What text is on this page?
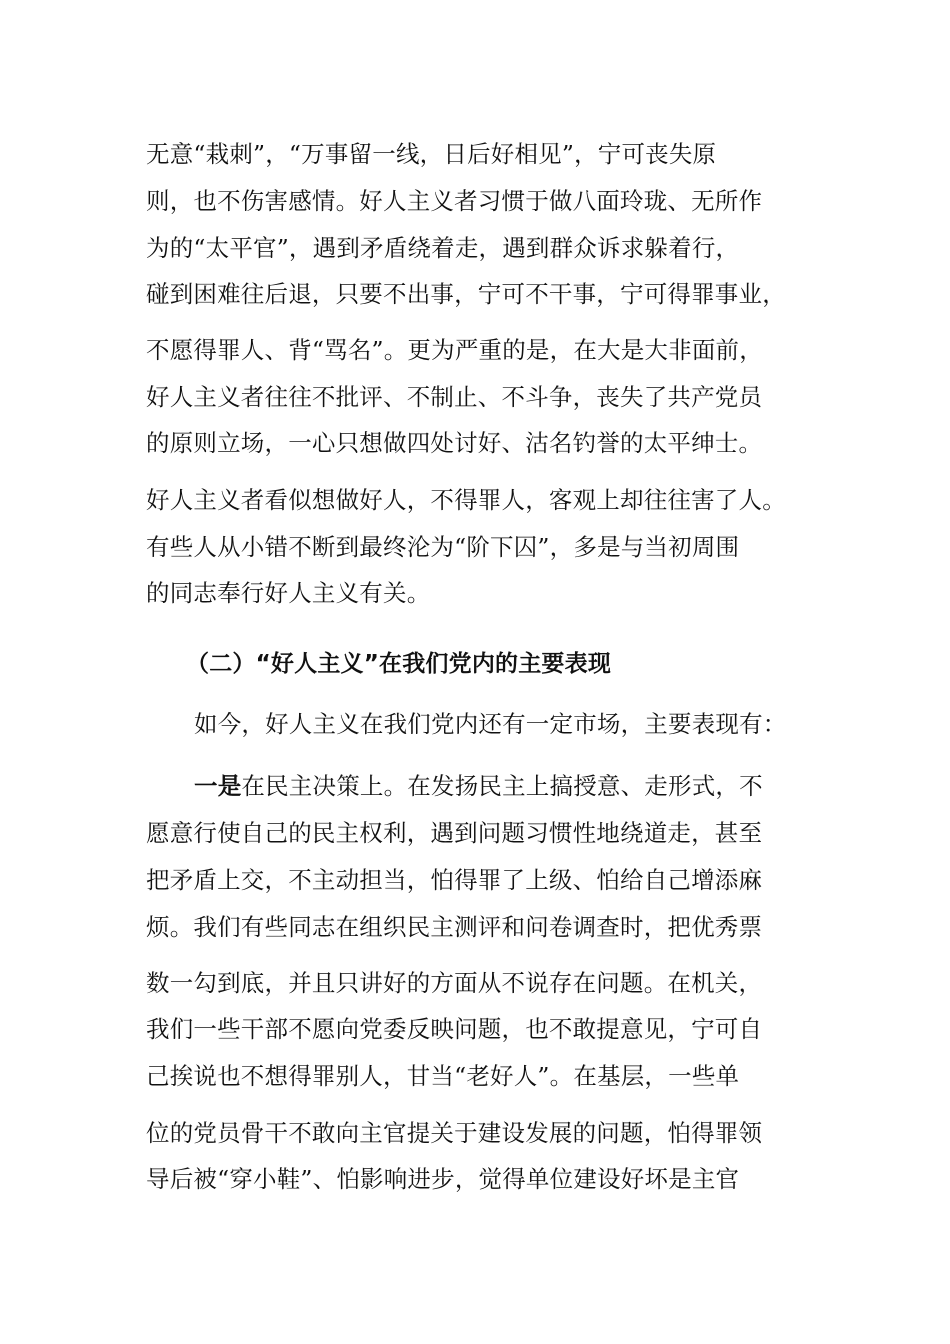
无意“栽刺”，“万事留一线，日后好相见”，宁可丧失原
则，也不伤害感情。好人主义者习惯于做八面玲珑、无所作
为的“太平官”，遇到矛盾绕着走，遇到群众诉求躲着行，
碰到困难往后退，只要不出事，宁可不干事，宁可得罪事业，
不愿得罪人、背“骂名”。更为严重的是，在大是大非面前，
好人主义者往往不批评、不制止、不斗争，丧失了共产党员
的原则立场，一心只想做四处讨好、沽名钓誉的太平绅士。
好人主义者看似想做好人，不得罪人，客观上却往往害了人。
有些人从小错不断到最终沦为“阶下囚”，多是与当初周围
的同志奉行好人主义有关。
（二）“好人主义”在我们党内的主要表现
如今，好人主义在我们党内还有一定市场，主要表现有：
一是在民主决策上。在发扬民主上搞授意、走形式，不
愿意行使自己的民主权利，遇到问题习惯性地绕道走，甚至
把矛盾上交，不主动担当，怕得罪了上级、怕给自己增添麻
烦。我们有些同志在组织民主测评和问卷调查时，把优秀票
数一勾到底，并且只讲好的方面从不说存在问题。在机关，
我们一些干部不愿向党委反映问题，也不敢提意见，宁可自
己挨说也不想得罪别人，甘当“老好人”。在基层，一些单
位的党员骨干不敢向主官提关于建设发展的问题，怕得罪领
导后被“穿小鞋”、怕影响进步，觉得单位建设好坏是主官
